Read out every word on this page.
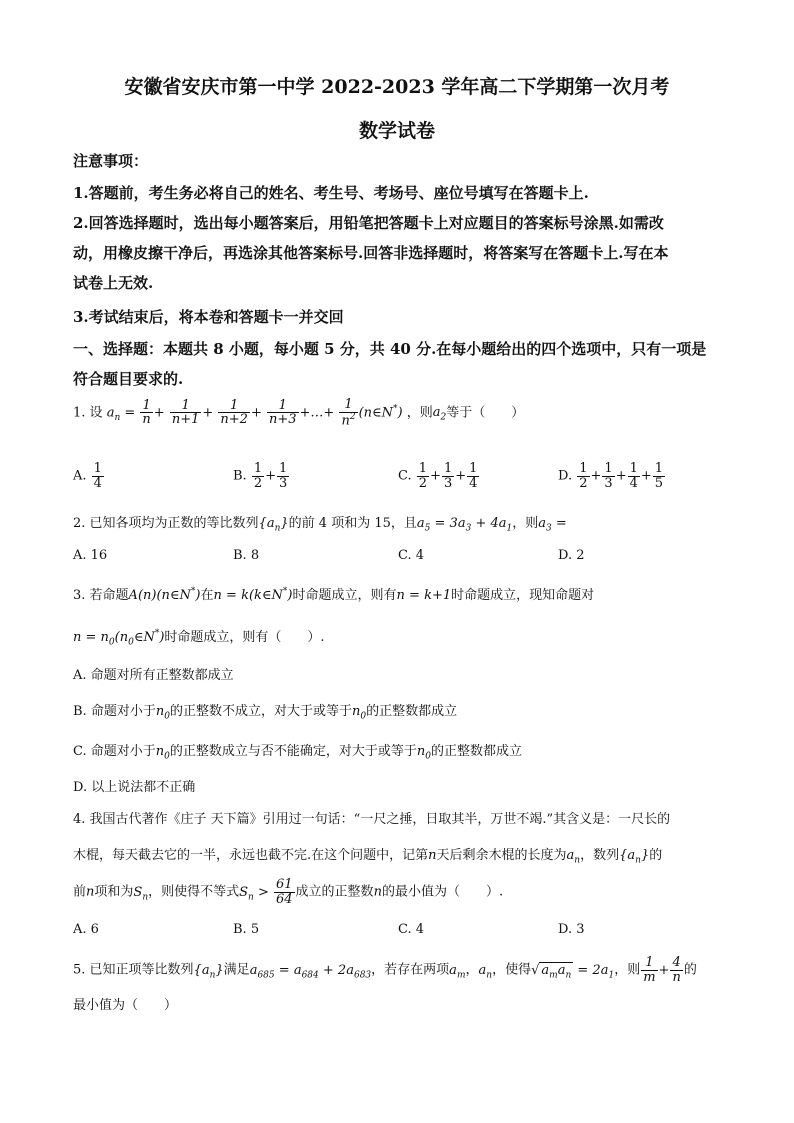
安徽省安庆市第一中学 2022-2023 学年高二下学期第一次月考
数学试卷
注意事项：
1.答题前，考生务必将自己的姓名、考生号、考场号、座位号填写在答题卡上.
2.回答选择题时，选出每小题答案后，用铅笔把答题卡上对应题目的答案标号涂黑.如需改
动，用橡皮擦干净后，再选涂其他答案标号.回答非选择题时，将答案写在答题卡上.写在本
试卷上无效.
3.考试结束后，将本卷和答题卡一并交回
一、选择题：本题共 8 小题，每小题 5 分，共 40 分.在每小题给出的四个选项中，只有一项是
符合题目要求的.
1. 设 $a_n = \frac{1}{n} + \frac{1}{n+1} + \frac{1}{n+2} + \frac{1}{n+3}$ +…+ $\frac{1}{n^2}$ (n∈N*) ，则$a_2$等于（　　）
A. $\frac{1}{4}$	B. $\frac{1}{2} + \frac{1}{3}$	C. $\frac{1}{2} + \frac{1}{3} + \frac{1}{4}$	D. $\frac{1}{2} + \frac{1}{3} + \frac{1}{4} + \frac{1}{5}$
2. 已知各项均为正数的等比数列$\{a_n\}$的前 4 项和为 15，且$a_5 = 3a_3 + 4a_1$，则$a_3$ =
A. 16	B. 8	C. 4	D. 2
3. 若命题A(n)(n∈N*)在n = k(k∈N*)时命题成立，则有n = k+1时命题成立，现知命题对
$n = n_0(n_0\in N^*)$时命题成立，则有（　　）.
A. 命题对所有正整数都成立
B. 命题对小于$n_0$的正整数不成立，对大于或等于$n_0$的正整数都成立
C. 命题对小于$n_0$的正整数成立与否不能确定，对大于或等于$n_0$的正整数都成立
D. 以上说法都不正确
4. 我国古代著作《庄子 天下篇》引用过一句话：“一尺之捶，日取其半，万世不竭.”其含义是：一尺长的
木棍，每天截去它的一半，永远也截不完.在这个问题中，记第n天后剩余木棍的长度为$a_n$，数列$\{a_n\}$的
前n项和为$S_n$，则使得不等式$S_n > \frac{61}{64}$ 成立的正整数n的最小值为（　　）.
A. 6	B. 5	C. 4	D. 3
5. 已知正项等比数列$\{a_n\}$满足$a_{685} = a_{684} + 2a_{683}$，若存在两项$a_m$，$a_n$，使得√ $a_ma_n = 2a_1$，则 $\frac{1}{m} + \frac{4}{n}$ 的
最小值为（　　）
